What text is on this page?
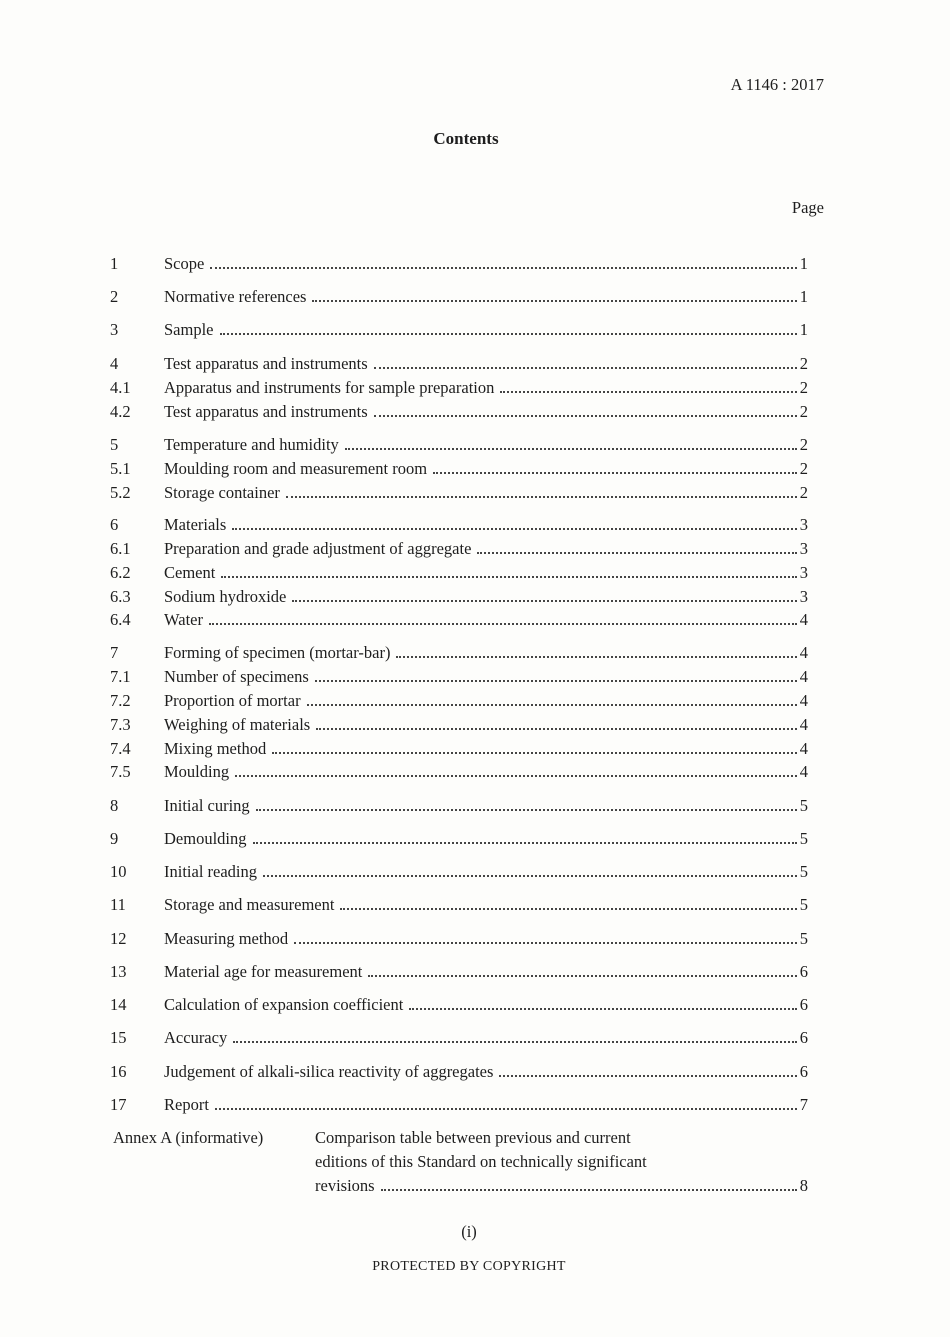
A 1146 : 2017
Contents
Page
1	Scope	1
2	Normative references	1
3	Sample	1
4	Test apparatus and instruments	2
4.1	Apparatus and instruments for sample preparation	2
4.2	Test apparatus and instruments	2
5	Temperature and humidity	2
5.1	Moulding room and measurement room	2
5.2	Storage container	2
6	Materials	3
6.1	Preparation and grade adjustment of aggregate	3
6.2	Cement	3
6.3	Sodium hydroxide	3
6.4	Water	4
7	Forming of specimen (mortar-bar)	4
7.1	Number of specimens	4
7.2	Proportion of mortar	4
7.3	Weighing of materials	4
7.4	Mixing method	4
7.5	Moulding	4
8	Initial curing	5
9	Demoulding	5
10	Initial reading	5
11	Storage and measurement	5
12	Measuring method	5
13	Material age for measurement	6
14	Calculation of expansion coefficient	6
15	Accuracy	6
16	Judgement of alkali-silica reactivity of aggregates	6
17	Report	7
Annex A (informative)	Comparison table between previous and current
editions of this Standard on technically significant
revisions	8
(i)
PROTECTED BY COPYRIGHT
